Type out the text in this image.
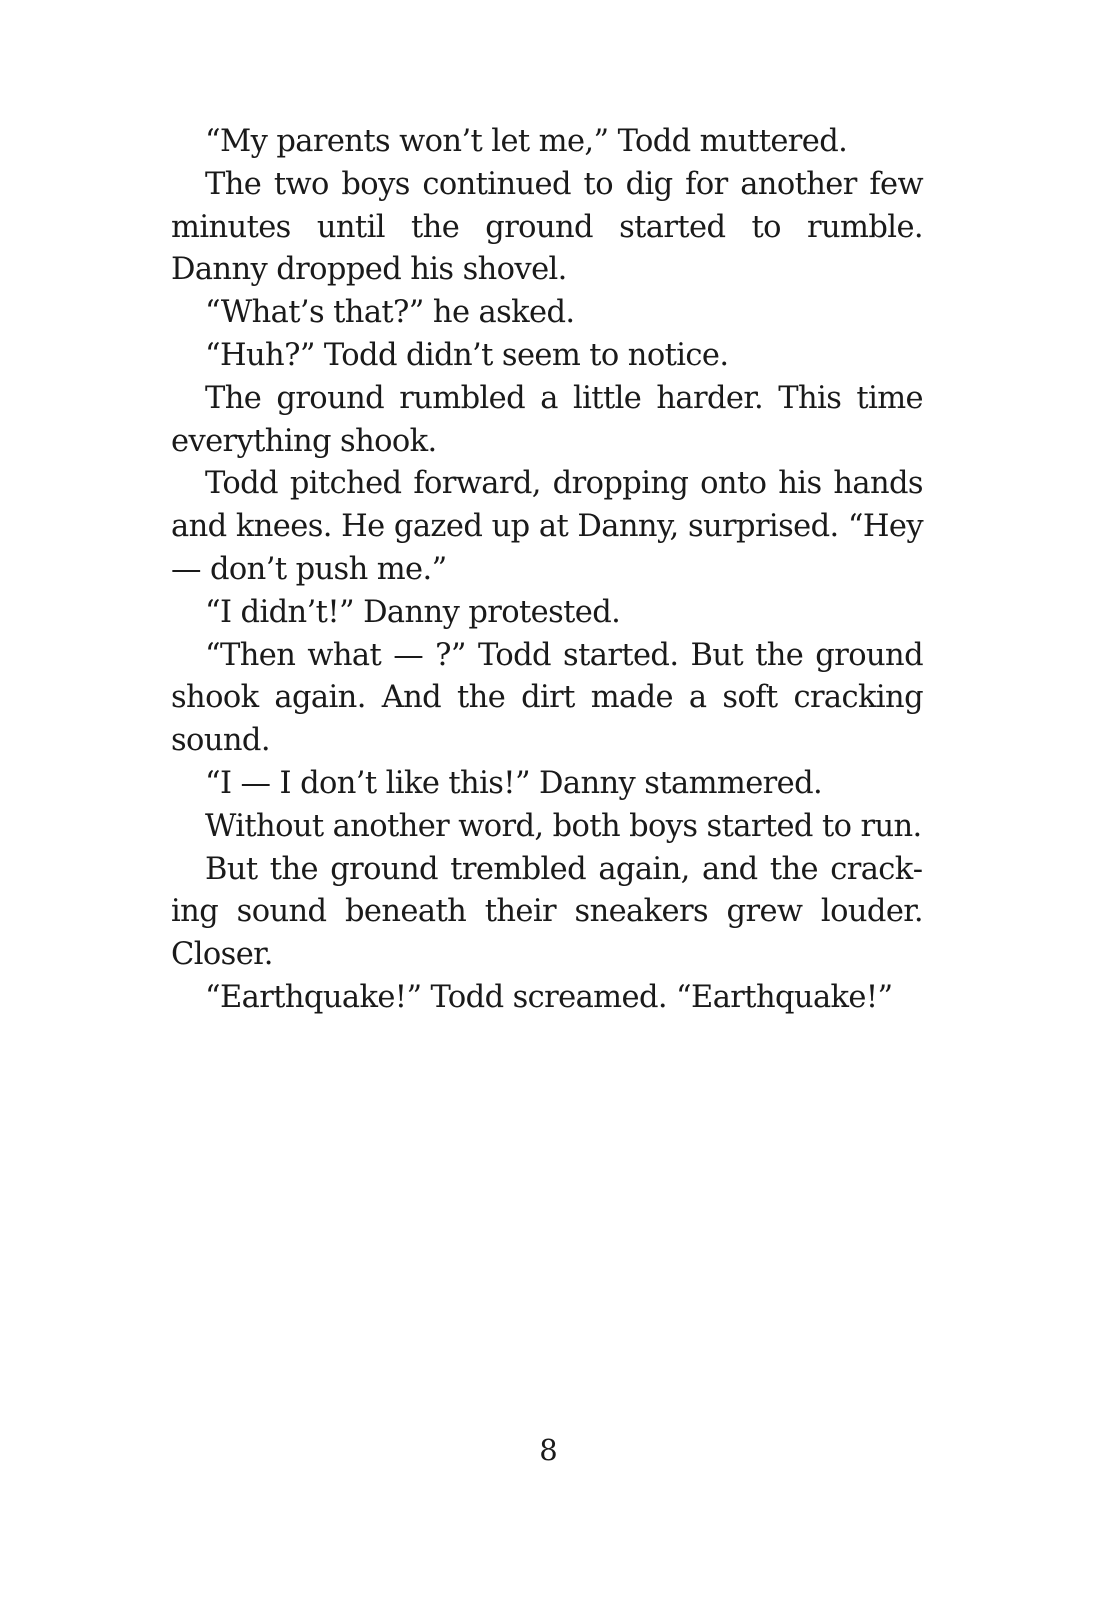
“My parents won’t let me,” Todd muttered.

The two boys continued to dig for another few minutes until the ground started to rumble. Danny dropped his shovel.

“What’s that?” he asked.

“Huh?” Todd didn’t seem to notice.

The ground rumbled a little harder. This time everything shook.

Todd pitched forward, dropping onto his hands and knees. He gazed up at Danny, surprised. “Hey — don’t push me.”

“I didn’t!” Danny protested.

“Then what — ?” Todd started. But the ground shook again. And the dirt made a soft cracking sound.

“I — I don’t like this!” Danny stammered.

Without another word, both boys started to run.

But the ground trembled again, and the cracking sound beneath their sneakers grew louder. Closer.

“Earthquake!” Todd screamed. “Earthquake!”

8
